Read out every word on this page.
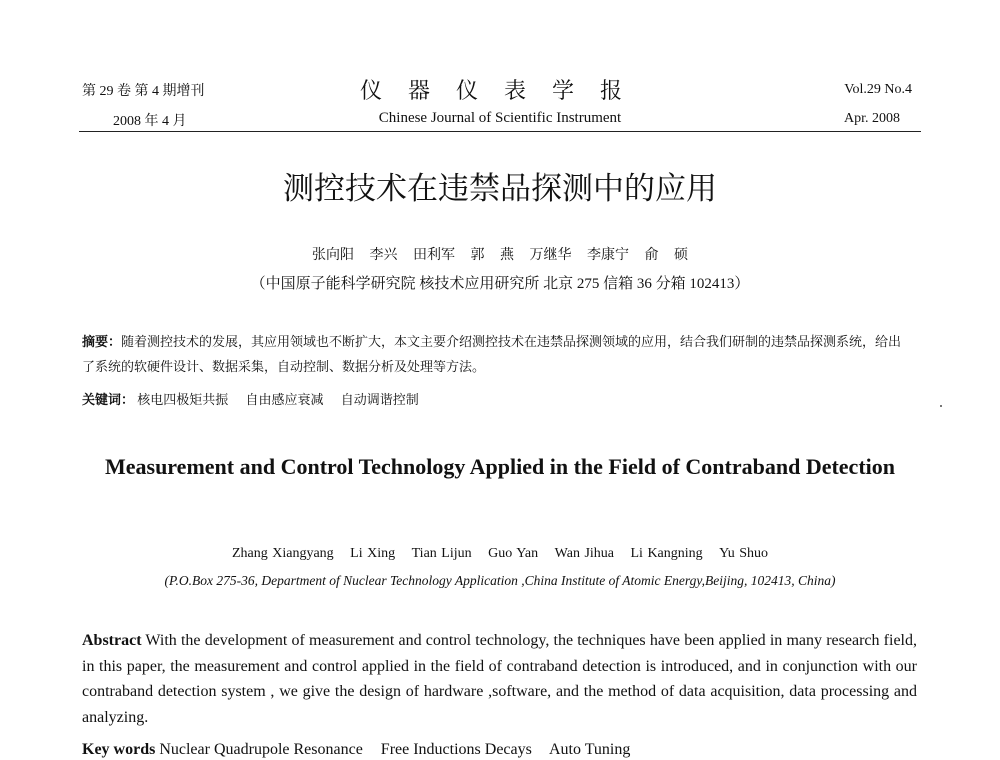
第 29 卷 第 4 期增刊
2008 年 4 月
仪器仪表学报
Chinese Journal of Scientific Instrument
Vol.29 No.4
Apr. 2008
测控技术在违禁品探测中的应用
张向阳 李兴 田利军 郭 燕 万继华 李康宁 俞 硕
（中国原子能科学研究院 核技术应用研究所 北京 275 信箱 36 分箱 102413）
摘要：随着测控技术的发展，其应用领域也不断扩大，本文主要介绍测控技术在违禁品探测领域的应用，结合我们研制的违禁品探测系统，给出了系统的软硬件设计、数据采集，自动控制、数据分析及处理等方法。
关键词： 核电四极矩共振 自由感应衰减 自动调谐控制
Measurement and Control Technology Applied in the Field of Contraband Detection
Zhang Xiangyang Li Xing Tian Lijun Guo Yan Wan Jihua Li Kangning Yu Shuo
(P.O.Box 275-36, Department of Nuclear Technology Application ,China Institute of Atomic Energy,Beijing, 102413, China)
Abstract With the development of measurement and control technology, the techniques have been applied in many research field, in this paper, the measurement and control applied in the field of contraband detection is introduced, and in conjunction with our contraband detection system , we give the design of hardware ,software, and the method of data acquisition, data processing and analyzing.
Key words Nuclear Quadrupole Resonance Free Inductions Decays Auto Tuning
